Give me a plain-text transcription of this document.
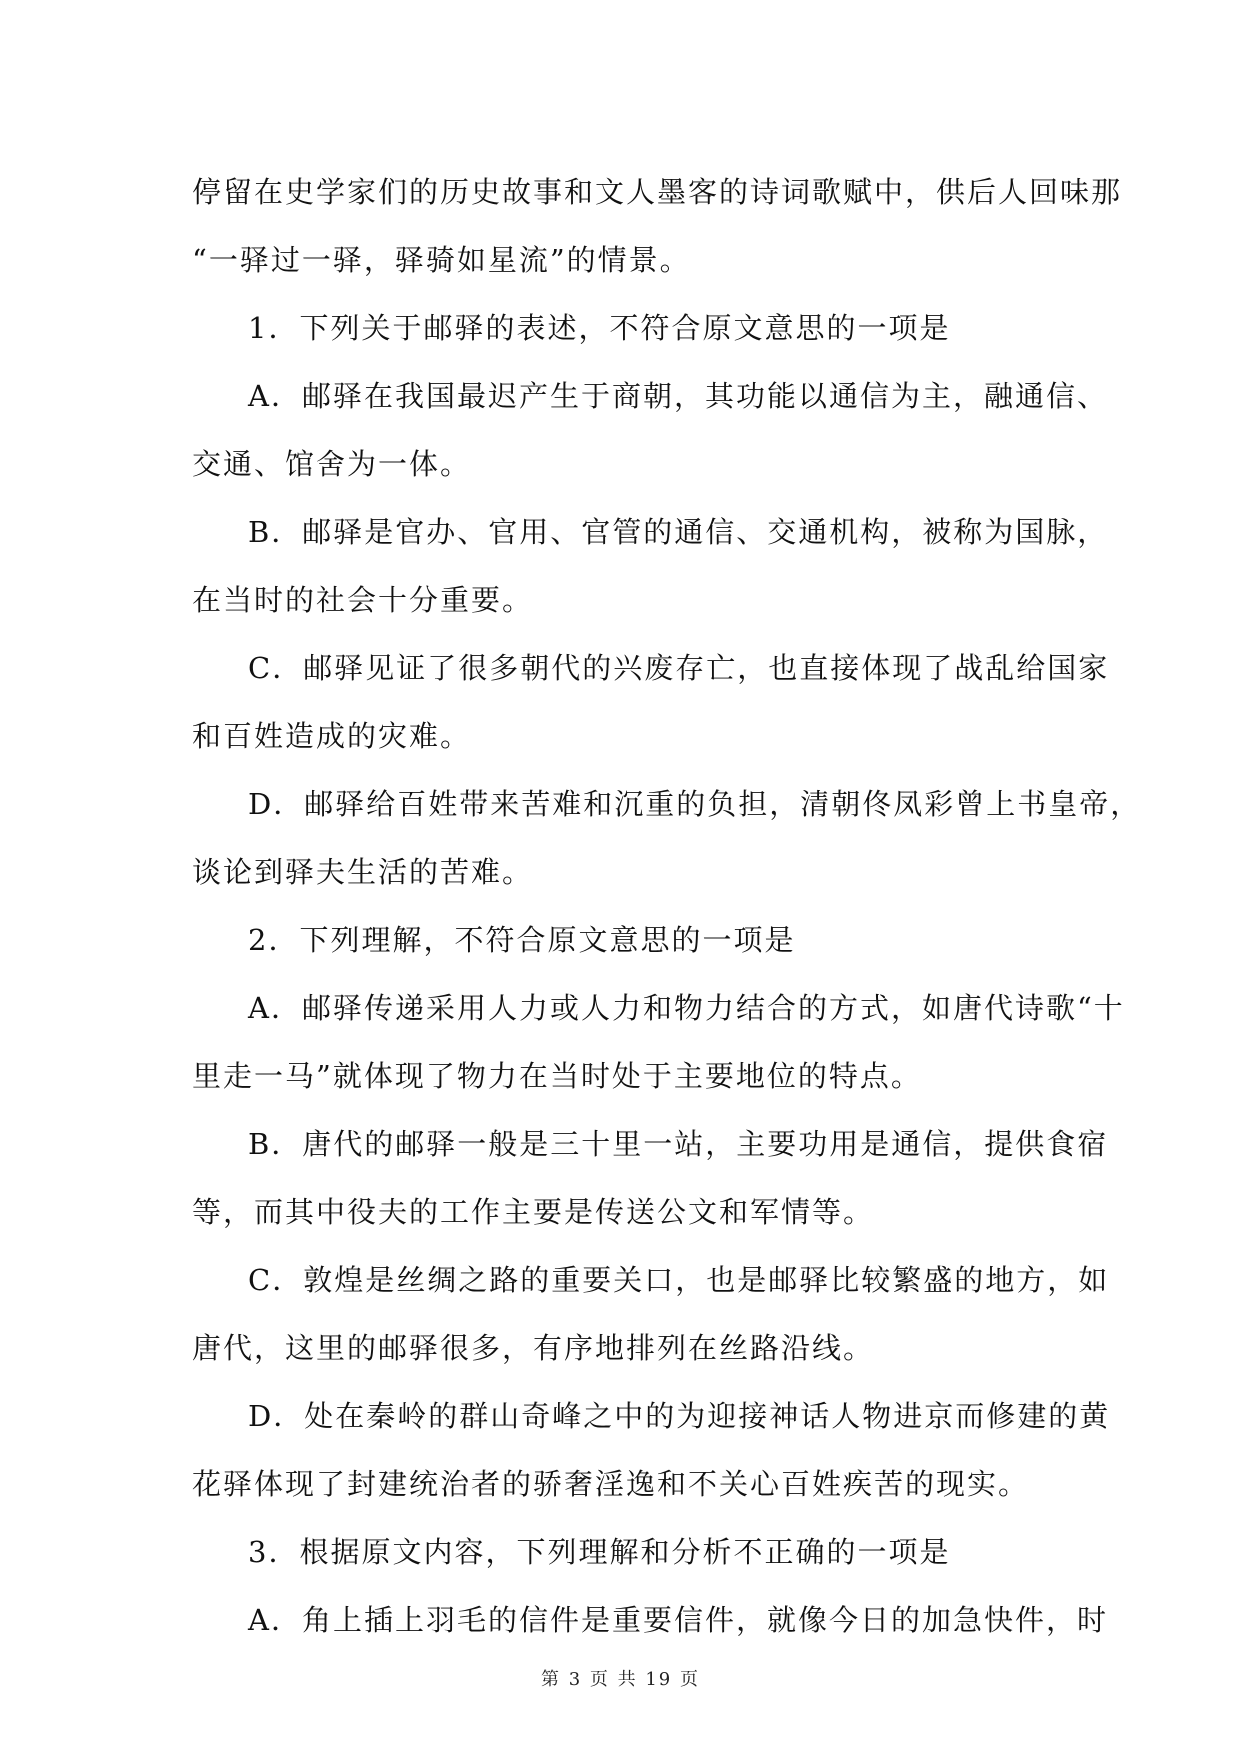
停留在史学家们的历史故事和文人墨客的诗词歌赋中，供后人回味那
“一驿过一驿，驿骑如星流”的情景。
1．下列关于邮驿的表述，不符合原文意思的一项是
A．邮驿在我国最迟产生于商朝，其功能以通信为主，融通信、
交通、馆舍为一体。
B．邮驿是官办、官用、官管的通信、交通机构，被称为国脉，
在当时的社会十分重要。
C．邮驿见证了很多朝代的兴废存亡，也直接体现了战乱给国家
和百姓造成的灾难。
D．邮驿给百姓带来苦难和沉重的负担，清朝佟凤彩曾上书皇帝，
谈论到驿夫生活的苦难。
2．下列理解，不符合原文意思的一项是
A．邮驿传递采用人力或人力和物力结合的方式，如唐代诗歌“十
里走一马”就体现了物力在当时处于主要地位的特点。
B．唐代的邮驿一般是三十里一站，主要功用是通信，提供食宿
等，而其中役夫的工作主要是传送公文和军情等。
C．敦煌是丝绸之路的重要关口，也是邮驿比较繁盛的地方，如
唐代，这里的邮驿很多，有序地排列在丝路沿线。
D．处在秦岭的群山奇峰之中的为迎接神话人物进京而修建的黄
花驿体现了封建统治者的骄奢淫逸和不关心百姓疾苦的现实。
3．根据原文内容，下列理解和分析不正确的一项是
A．角上插上羽毛的信件是重要信件，就像今日的加急快件，时
第 3 页 共 19 页
